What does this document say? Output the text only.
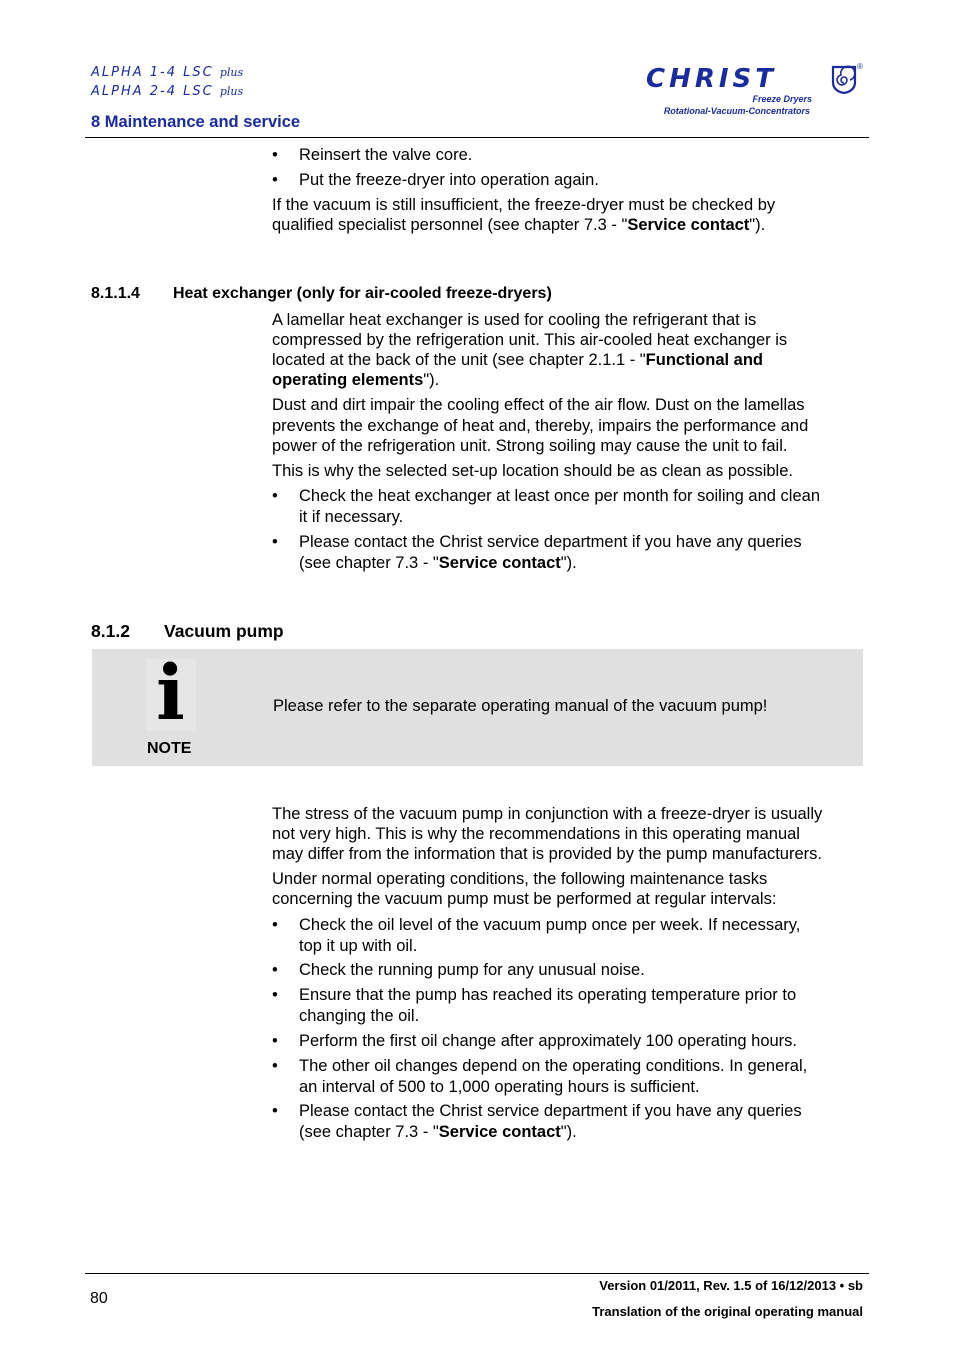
ALPHA 1-4 LSC plus
ALPHA 2-4 LSC plus
8 Maintenance and service
CHRIST	®
Freeze Dryers
Rotational-Vacuum-Concentrators
• Reinsert the valve core.
• Put the freeze-dryer into operation again.
If the vacuum is still insufficient, the freeze-dryer must be checked by
qualified specialist personnel (see chapter 7.3 - "Service contact").
8.1.1.4 Heat exchanger (only for air-cooled freeze-dryers)
A lamellar heat exchanger is used for cooling the refrigerant that is
compressed by the refrigeration unit. This air-cooled heat exchanger is
located at the back of the unit (see chapter 2.1.1 - "Functional and
operating elements").
Dust and dirt impair the cooling effect of the air flow. Dust on the lamellas
prevents the exchange of heat and, thereby, impairs the performance and
power of the refrigeration unit. Strong soiling may cause the unit to fail.
This is why the selected set-up location should be as clean as possible.
• Check the heat exchanger at least once per month for soiling and clean
it if necessary.
• Please contact the Christ service department if you have any queries
(see chapter 7.3 - "Service contact").
8.1.2 Vacuum pump
i
NOTE
Please refer to the separate operating manual of the vacuum pump!
The stress of the vacuum pump in conjunction with a freeze-dryer is usually
not very high. This is why the recommendations in this operating manual
may differ from the information that is provided by the pump manufacturers.
Under normal operating conditions, the following maintenance tasks
concerning the vacuum pump must be performed at regular intervals:
• Check the oil level of the vacuum pump once per week. If necessary,
top it up with oil.
• Check the running pump for any unusual noise.
• Ensure that the pump has reached its operating temperature prior to
changing the oil.
• Perform the first oil change after approximately 100 operating hours.
• The other oil changes depend on the operating conditions. In general,
an interval of 500 to 1,000 operating hours is sufficient.
• Please contact the Christ service department if you have any queries
(see chapter 7.3 - "Service contact").
80
Version 01/2011, Rev. 1.5 of 16/12/2013 • sb
Translation of the original operating manual
